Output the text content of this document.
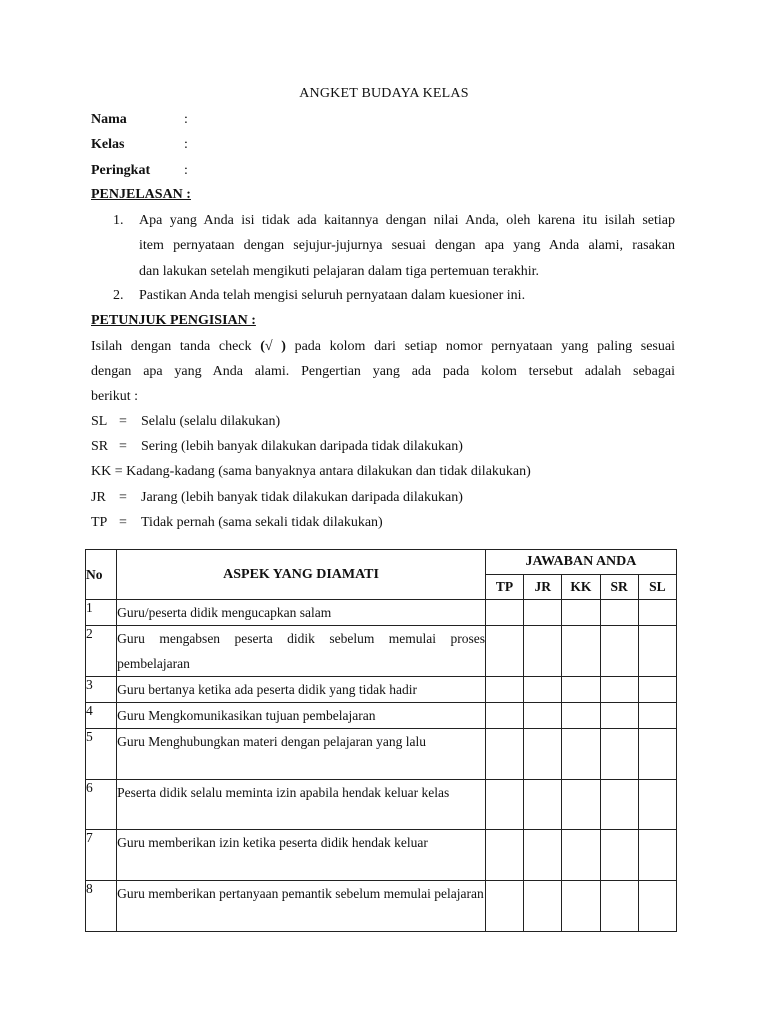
ANGKET BUDAYA KELAS
Nama	:
Kelas	:
Peringkat :
PENJELASAN :
1. Apa yang Anda isi tidak ada kaitannya dengan nilai Anda, oleh karena itu isilah setiap
item pernyataan dengan sejujur-jujurnya sesuai dengan apa yang Anda alami, rasakan
dan lakukan setelah mengikuti pelajaran dalam tiga pertemuan terakhir.
2. Pastikan Anda telah mengisi seluruh pernyataan dalam kuesioner ini.
PETUNJUK PENGISIAN :
Isilah dengan tanda check (√ ) pada kolom dari setiap nomor pernyataan yang paling sesuai
dengan apa yang Anda alami. Pengertian yang ada pada kolom tersebut adalah sebagai
berikut :
SL = Selalu (selalu dilakukan)
SR = Sering (lebih banyak dilakukan daripada tidak dilakukan)
KK = Kadang-kadang (sama banyaknya antara dilakukan dan tidak dilakukan)
JR = Jarang (lebih banyak tidak dilakukan daripada dilakukan)
TP = Tidak pernah (sama sekali tidak dilakukan)
No	ASPEK YANG DIAMATI	JAWABAN ANDA				
		TP	JR	KK	SR	SL
1	Guru/peserta didik mengucapkan salam					
2	Guru mengabsen peserta didik sebelum memulai proses pembelajaran					
3	Guru bertanya ketika ada peserta didik yang tidak hadir					
4	Guru Mengkomunikasikan tujuan pembelajaran					
5	Guru Menghubungkan materi dengan pelajaran yang lalu					
6	Peserta didik selalu meminta izin apabila hendak keluar kelas					
7	Guru memberikan izin ketika peserta didik hendak keluar					
8	Guru memberikan pertanyaan pemantik sebelum memulai pelajaran					
